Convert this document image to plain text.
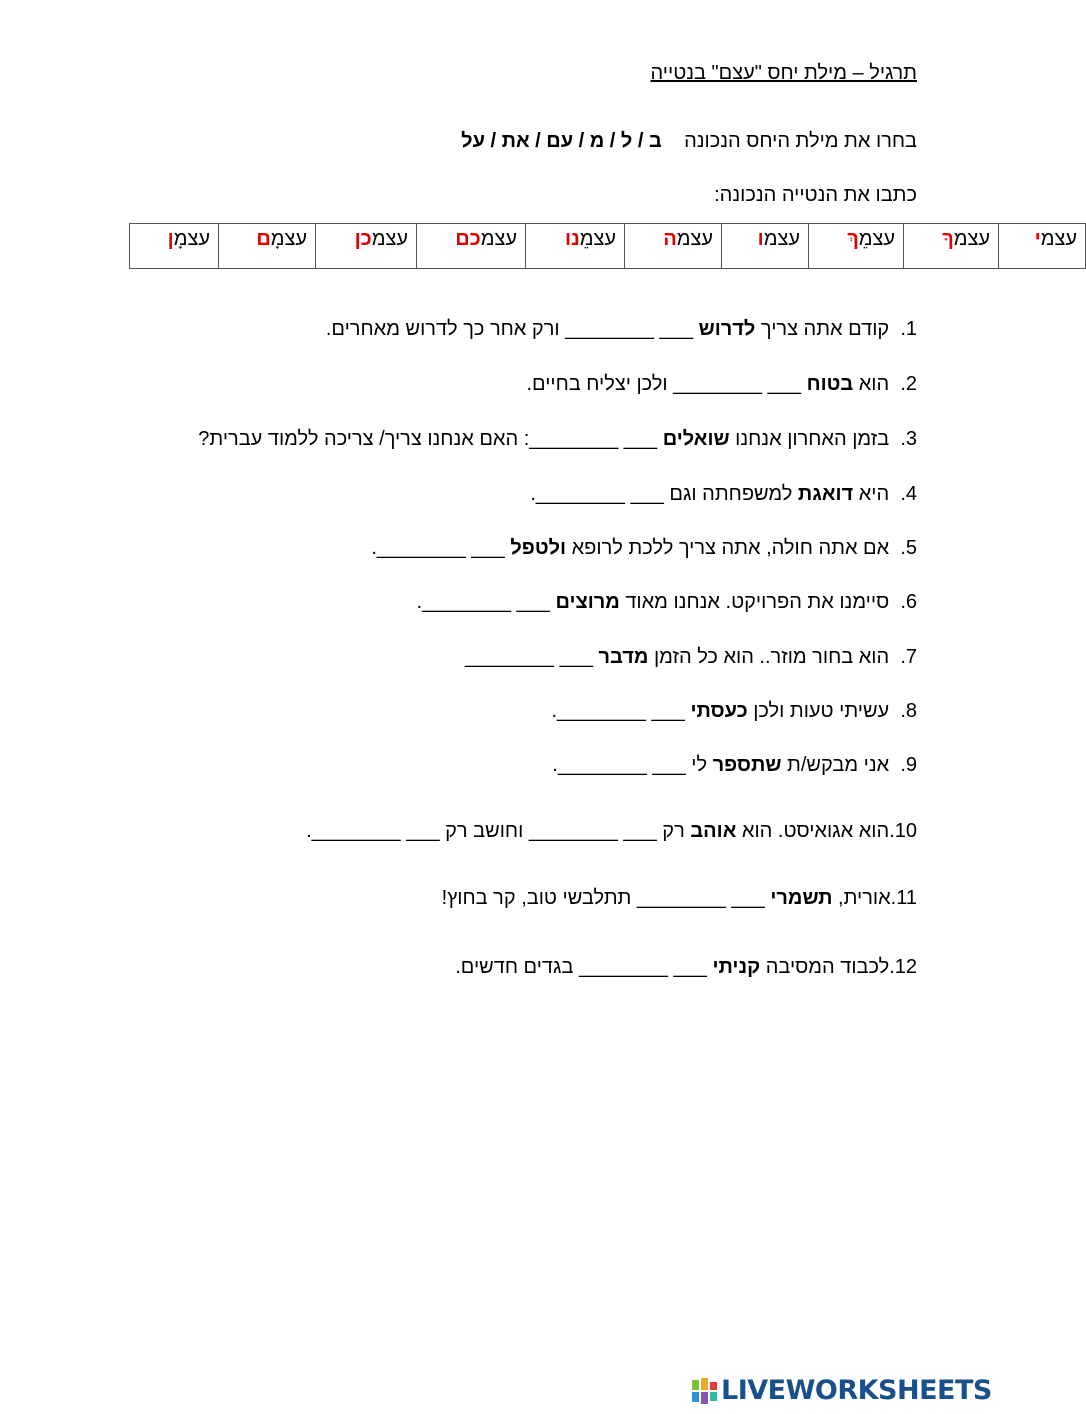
תרגיל – מילת יחס "עצם" בנטייה
בחרו את מילת היחס הנכונה    ב / ל / מ / עם / את / על
כתבו את הנטייה הנכונה:
עצמי	עצמךָ	עצמֵךְ	עצמו	עצמה	עצמֵנו	עצמכם	עצמכן	עצמָם	עצמָן
1.  קודם אתה צריך לדרוש ___ ________ ורק אחר כך לדרוש מאחרים.
2.  הוא בטוח ___ ________ ולכן יצליח בחיים.
3.  בזמן האחרון אנחנו שואלים ___ ________: האם אנחנו צריך/ צריכה ללמוד עברית?
4.  היא דואגת למשפחתה וגם ___ ________.
5.  אם אתה חולה, אתה צריך ללכת לרופא ולטפל ___ ________.
6.  סיימנו את הפרויקט. אנחנו מאוד מרוצים ___ ________.
7.  הוא בחור מוזר.. הוא כל הזמן מדבר ___ ________
8.  עשיתי טעות ולכן כעסתי ___ ________.
9.  אני מבקש/ת שתספר לי ___ ________.
10.הוא אגואיסט. הוא אוהב רק ___ ________ וחושב רק ___ ________.
11.אורית, תשמרי ___ ________ תתלבשי טוב, קר בחוץ!
12.לכבוד המסיבה קניתי ___ ________ בגדים חדשים.
LIVEWORKSHEETS
